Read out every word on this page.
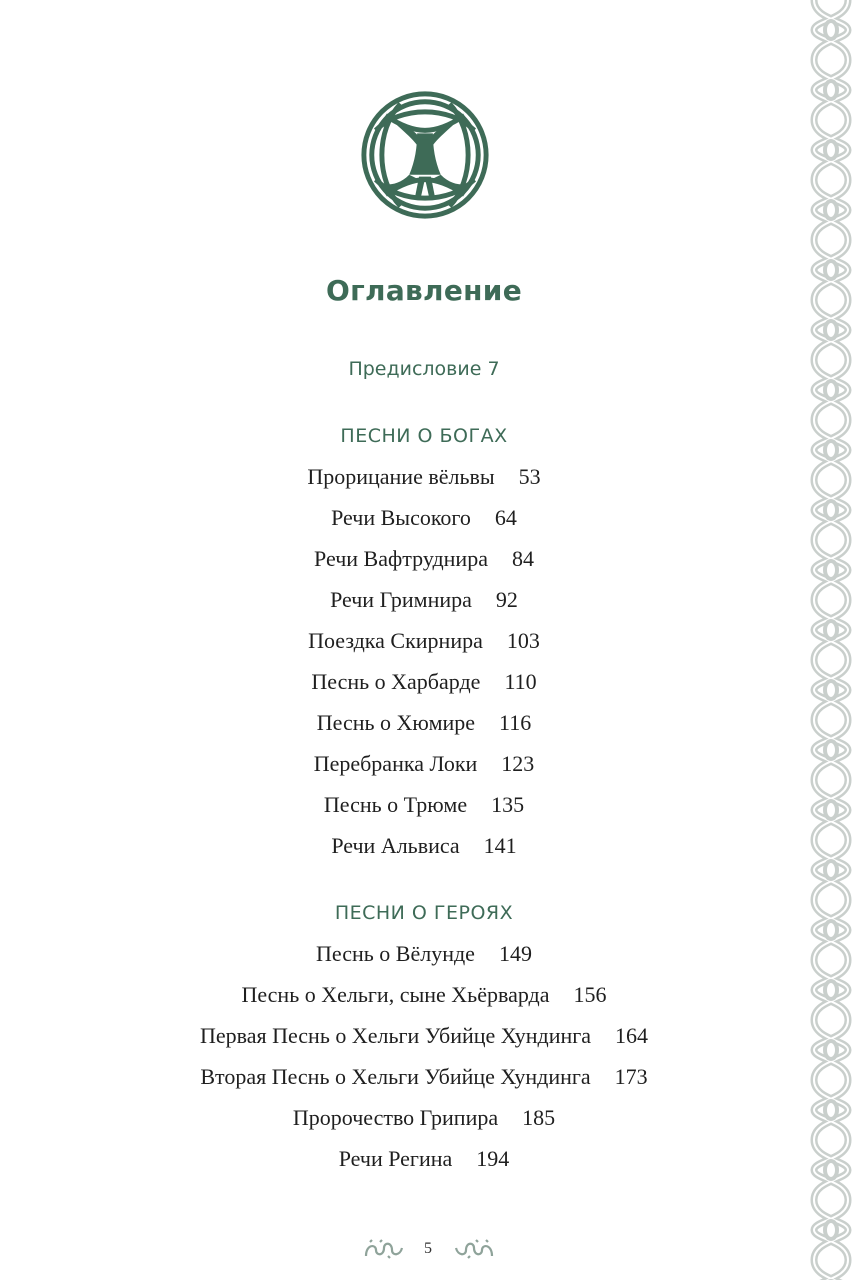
Оглавление
Предисловие 7
ПЕСНИ О БОГАХ
Прорицание вёльвы 53
Речи Высокого 64
Речи Вафтруднира 84
Речи Гримнира 92
Поездка Скирнира 103
Песнь о Харбарде 110
Песнь о Хюмире 116
Перебранка Локи 123
Песнь о Трюме 135
Речи Альвиса 141
ПЕСНИ О ГЕРОЯХ
Песнь о Вёлунде 149
Песнь о Хельги, сыне Хьёрварда 156
Первая Песнь о Хельги Убийце Хундинга 164
Вторая Песнь о Хельги Убийце Хундинга 173
Пророчество Грипира 185
Речи Регина 194
5
